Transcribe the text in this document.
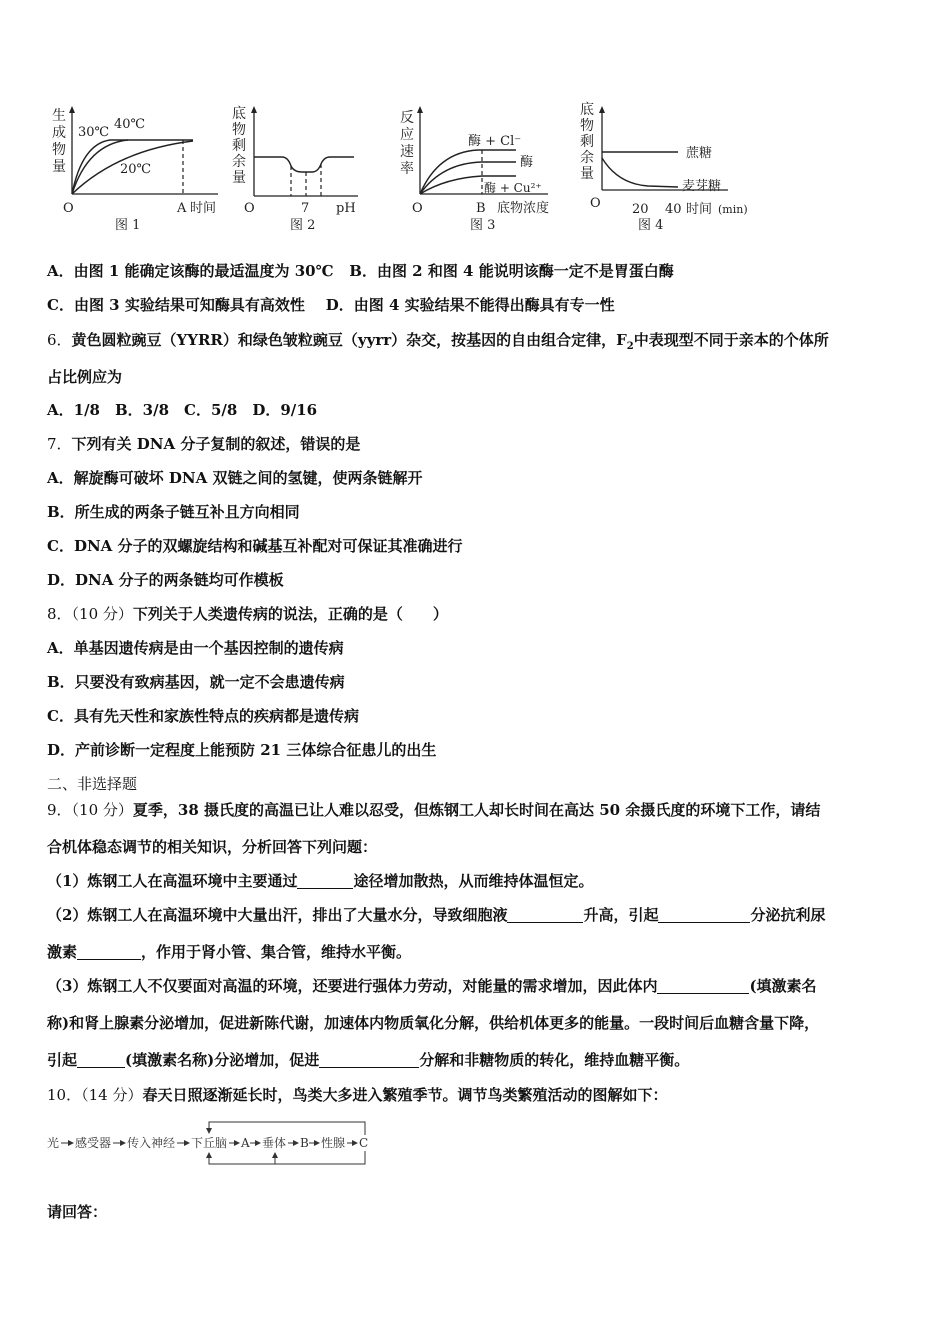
生
成
物
量
30℃
40℃
20℃
O	A 时间
图 1
底
物
剩
余
量
O	7 pH
图 2
反
应
速
率
酶 + Cl⁻
酶
酶 + Cu²⁺
O	B 底物浓度
图 3
底
物
剩
余
量
蔗糖
麦芽糖
O 20 40 时间 (min)
图 4
A．由图 1 能确定该酶的最适温度为 30℃ B．由图 2 和图 4 能说明该酶一定不是胃蛋白酶
C．由图 3 实验结果可知酶具有高效性 D．由图 4 实验结果不能得出酶具有专一性
6．黄色圆粒豌豆（YYRR）和绿色皱粒豌豆（yyrr）杂交，按基因的自由组合定律，$F_2$中表现型不同于亲本的个体所
占比例应为
A．1/8　B．3/8　C．5/8　D．9/16
7．下列有关 DNA 分子复制的叙述，错误的是
A．解旋酶可破坏 DNA 双链之间的氢键，使两条链解开
B．所生成的两条子链互补且方向相同
C．DNA 分子的双螺旋结构和碱基互补配对可保证其准确进行
D．DNA 分子的两条链均可作模板
8．（10 分）下列关于人类遗传病的说法，正确的是（　　）
A．单基因遗传病是由一个基因控制的遗传病
B．只要没有致病基因，就一定不会患遗传病
C．具有先天性和家族性特点的疾病都是遗传病
D．产前诊断一定程度上能预防 21 三体综合征患儿的出生
二、非选择题
9．（10 分）夏季，38 摄氏度的高温已让人难以忍受，但炼钢工人却长时间在高达 50 余摄氏度的环境下工作，请结
合机体稳态调节的相关知识，分析回答下列问题：
（1）炼钢工人在高温环境中主要通过	途径增加散热，从而维持体温恒定。
（2）炼钢工人在高温环境中大量出汗，排出了大量水分，导致细胞液	升高，引起	分泌抗利尿
激素	，作用于肾小管、集合管，维持水平衡。
（3）炼钢工人不仅要面对高温的环境，还要进行强体力劳动，对能量的需求增加，因此体内	(填激素名
称)和肾上腺素分泌增加，促进新陈代谢，加速体内物质氧化分解，供给机体更多的能量。一段时间后血糖含量下降，
引起	(填激素名称)分泌增加，促进	分解和非糖物质的转化，维持血糖平衡。
10．（14 分）春天日照逐渐延长时，鸟类大多进入繁殖季节。调节鸟类繁殖活动的图解如下：
光 感受器 传入神经 下丘脑 A 垂体 B 性腺 C
请回答：
